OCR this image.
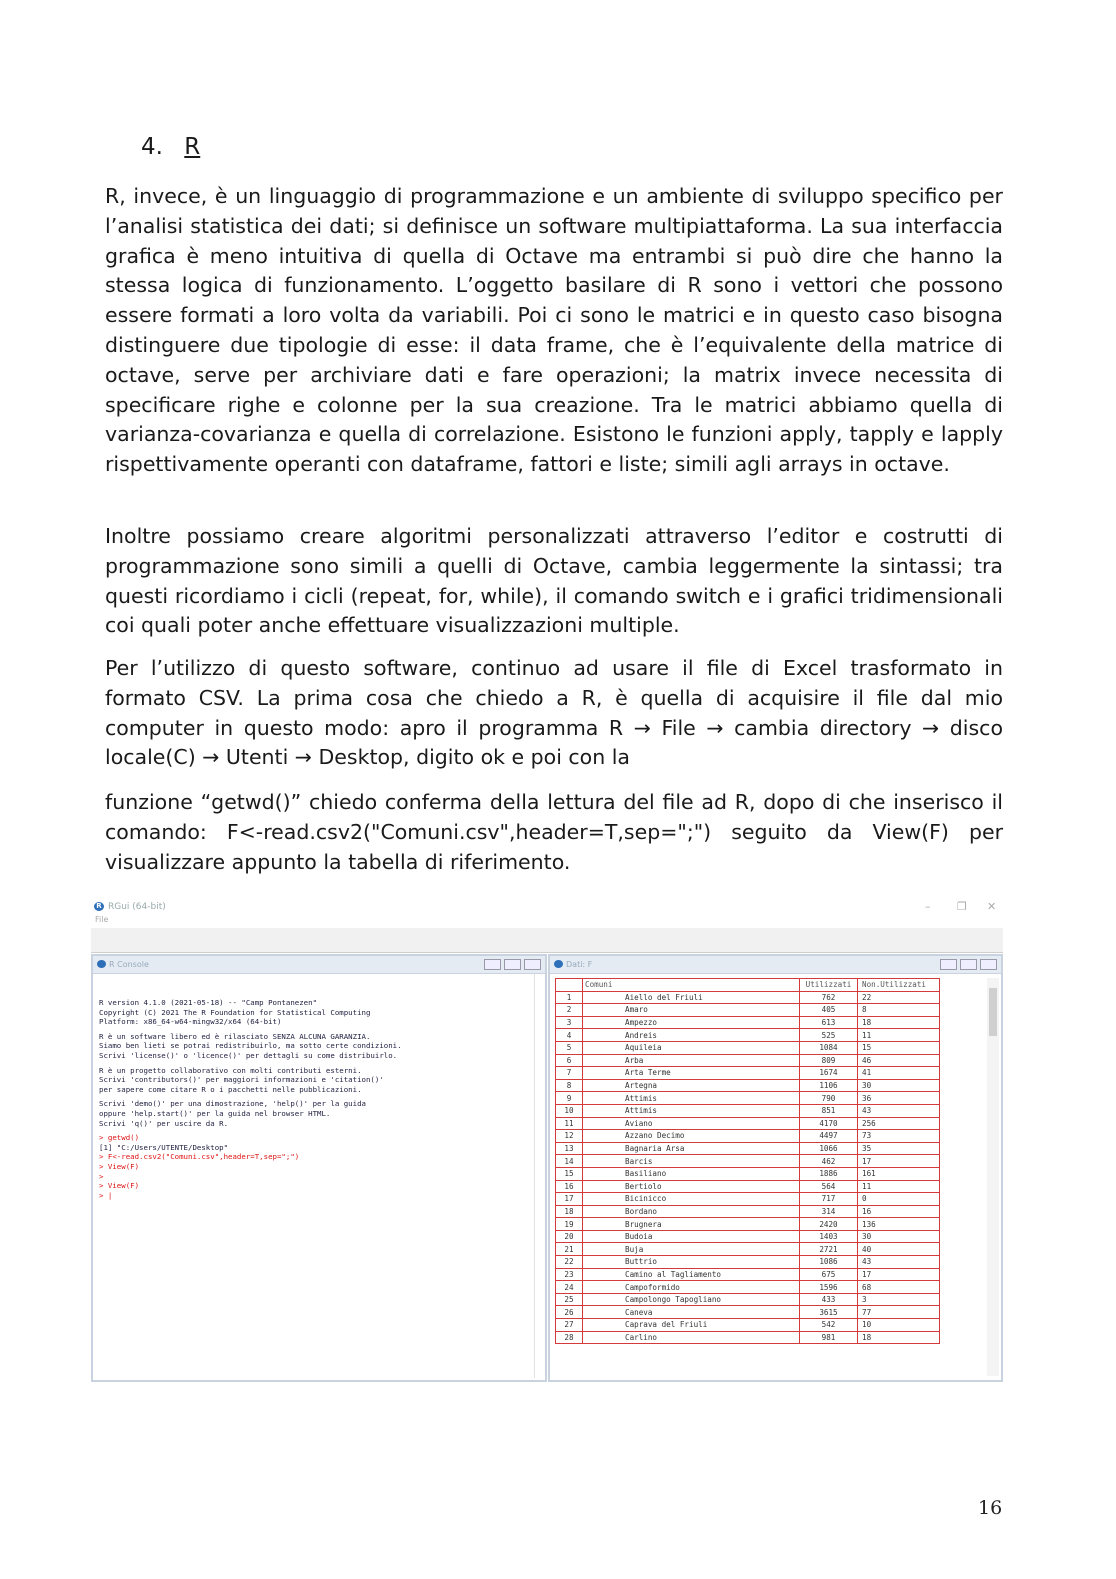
4. R

R, invece, è un linguaggio di programmazione e un ambiente di sviluppo specifico per l’analisi statistica dei dati; si definisce un software multipiattaforma. La sua interfaccia grafica è meno intuitiva di quella di Octave ma entrambi si può dire che hanno la stessa logica di funzionamento. L’oggetto basilare di R sono i vettori che possono essere formati a loro volta da variabili. Poi ci sono le matrici e in questo caso bisogna distinguere due tipologie di esse: il data frame, che è l’equivalente della matrice di octave, serve per archiviare dati e fare operazioni; la matrix invece necessita di specificare righe e colonne per la sua creazione. Tra le matrici abbiamo quella di varianza-covarianza e quella di correlazione. Esistono le funzioni apply, tapply e lapply rispettivamente operanti con dataframe, fattori e liste; simili agli arrays in octave.

Inoltre possiamo creare algoritmi personalizzati attraverso l’editor e costrutti di programmazione sono simili a quelli di Octave, cambia leggermente la sintassi; tra questi ricordiamo i cicli (repeat, for, while), il comando switch e i grafici tridimensionali coi quali poter anche effettuare visualizzazioni multiple.

Per l’utilizzo di questo software, continuo ad usare il file di Excel trasformato in formato CSV. La prima cosa che chiedo a R, è quella di acquisire il file dal mio computer in questo modo: apro il programma R → File → cambia directory → disco locale(C) → Utenti → Desktop, digito ok e poi con la

funzione “getwd()” chiedo conferma della lettura del file ad R, dopo di che inserisco il comando: F<-read.csv2("Comuni.csv",header=T,sep=";") seguito da View(F) per visualizzare appunto la tabella di riferimento.

R RGui (64-bit)	– ❐ ✕
File
R Console
R version 4.1.0 (2021-05-18) -- "Camp Pontanezen"
Copyright (C) 2021 The R Foundation for Statistical Computing
Platform: x86_64-w64-mingw32/x64 (64-bit)
R è un software libero ed è rilasciato SENZA ALCUNA GARANZIA.
Siamo ben lieti se potrai redistribuirlo, ma sotto certe condizioni.
Scrivi 'license()' o 'licence()' per dettagli su come distribuirlo.
R è un progetto collaborativo con molti contributi esterni.
Scrivi 'contributors()' per maggiori informazioni e 'citation()'
per sapere come citare R o i pacchetti nelle pubblicazioni.
Scrivi 'demo()' per una dimostrazione, 'help()' per la guida
oppure 'help.start()' per la guida nel browser HTML.
Scrivi 'q()' per uscire da R.
> getwd()
[1] "C:/Users/UTENTE/Desktop"
> F<-read.csv2("Comuni.csv",header=T,sep=";")
> View(F)
>
> View(F)
> |
Dati: F
	Comuni	Utilizzati	Non.Utilizzati
1	Aiello del Friuli	762	22
2	Amaro	405	8
3	Ampezzo	613	18
4	Andreis	525	11
5	Aquileia	1084	15
6	Arba	809	46
7	Arta Terme	1674	41
8	Artegna	1106	30
9	Attimis	790	36
10	Attimis	851	43
11	Aviano	4170	256
12	Azzano Decimo	4497	73
13	Bagnaria Arsa	1066	35
14	Barcis	462	17
15	Basiliano	1886	161
16	Bertiolo	564	11
17	Bicinicco	717	0
18	Bordano	314	16
19	Brugnera	2420	136
20	Budoia	1403	30
21	Buja	2721	40
22	Buttrio	1086	43
23	Camino al Tagliamento	675	17
24	Campoformido	1596	68
25	Campolongo Tapogliano	433	3
26	Caneva	3615	77
27	Caprava del Friuli	542	10
28	Carlino	981	18
16
